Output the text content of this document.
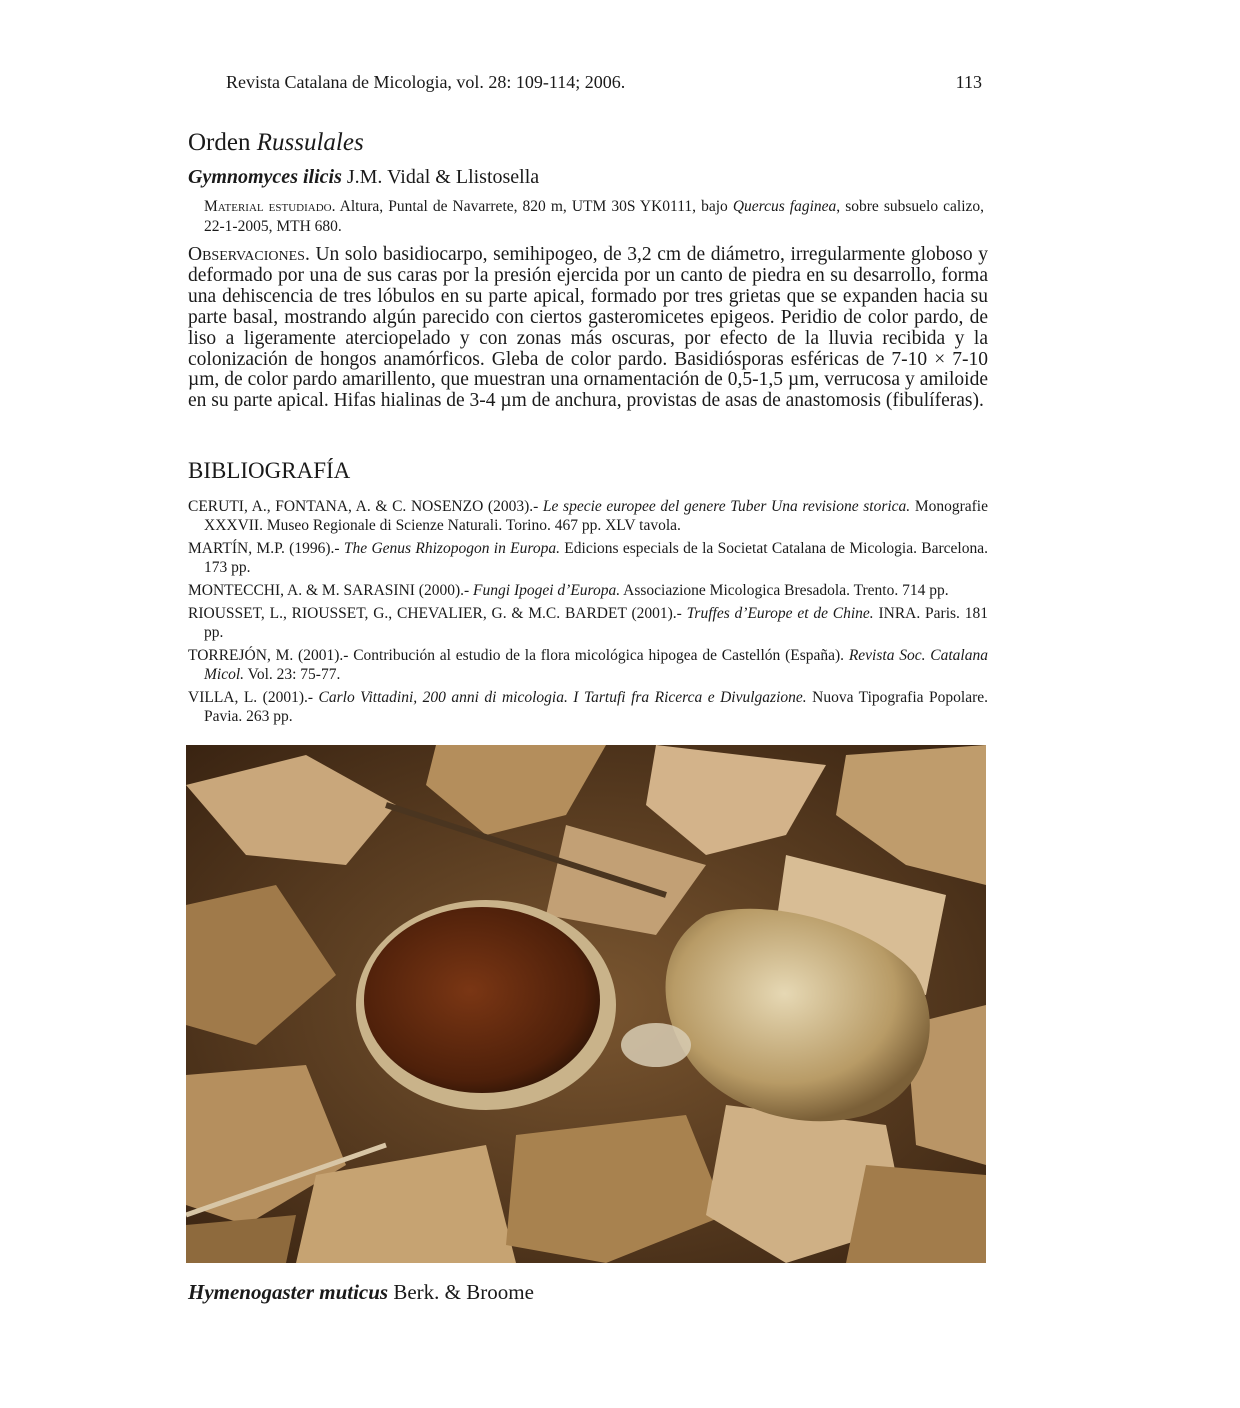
Revista Catalana de Micologia, vol. 28: 109-114; 2006.	113
Orden Russulales
Gymnomyces ilicis J.M. Vidal & Llistosella
Material estudiado. Altura, Puntal de Navarrete, 820 m, UTM 30S YK0111, bajo Quercus faginea, sobre subsuelo calizo, 22-1-2005, MTH 680.
Observaciones. Un solo basidiocarpo, semihipogeo, de 3,2 cm de diámetro, irregularmente globoso y deformado por una de sus caras por la presión ejercida por un canto de piedra en su desarrollo, forma una dehiscencia de tres lóbulos en su parte apical, formado por tres grietas que se expanden hacia su parte basal, mostrando algún parecido con ciertos gasteromicetes epigeos. Peridio de color pardo, de liso a ligeramente aterciopelado y con zonas más oscuras, por efecto de la lluvia recibida y la colonización de hongos anamórficos. Gleba de color pardo. Basidiósporas esféricas de 7-10 × 7-10 µm, de color pardo amarillento, que muestran una ornamentación de 0,5-1,5 µm, verrucosa y amiloide en su parte apical. Hifas hialinas de 3-4 µm de anchura, provistas de asas de anastomosis (fibulíferas).
BIBLIOGRAFÍA
CERUTI, A., FONTANA, A. & C. NOSENZO (2003).- Le specie europee del genere Tuber Una revisione storica. Monografie XXXVII. Museo Regionale di Scienze Naturali. Torino. 467 pp. XLV tavola.
MARTÍN, M.P. (1996).- The Genus Rhizopogon in Europa. Edicions especials de la Societat Catalana de Micologia. Barcelona. 173 pp.
MONTECCHI, A. & M. SARASINI (2000).- Fungi Ipogei d’Europa. Associazione Micologica Bresadola. Trento. 714 pp.
RIOUSSET, L., RIOUSSET, G., CHEVALIER, G. & M.C. BARDET (2001).- Truffes d’Europe et de Chine. INRA. Paris. 181 pp.
TORREJÓN, M. (2001).- Contribución al estudio de la flora micológica hipogea de Castellón (España). Revista Soc. Catalana Micol. Vol. 23: 75-77.
VILLA, L. (2001).- Carlo Vittadini, 200 anni di micologia. I Tartufi fra Ricerca e Divulgazione. Nuova Tipografia Popolare. Pavia. 263 pp.
Hymenogaster muticus Berk. & Broome
